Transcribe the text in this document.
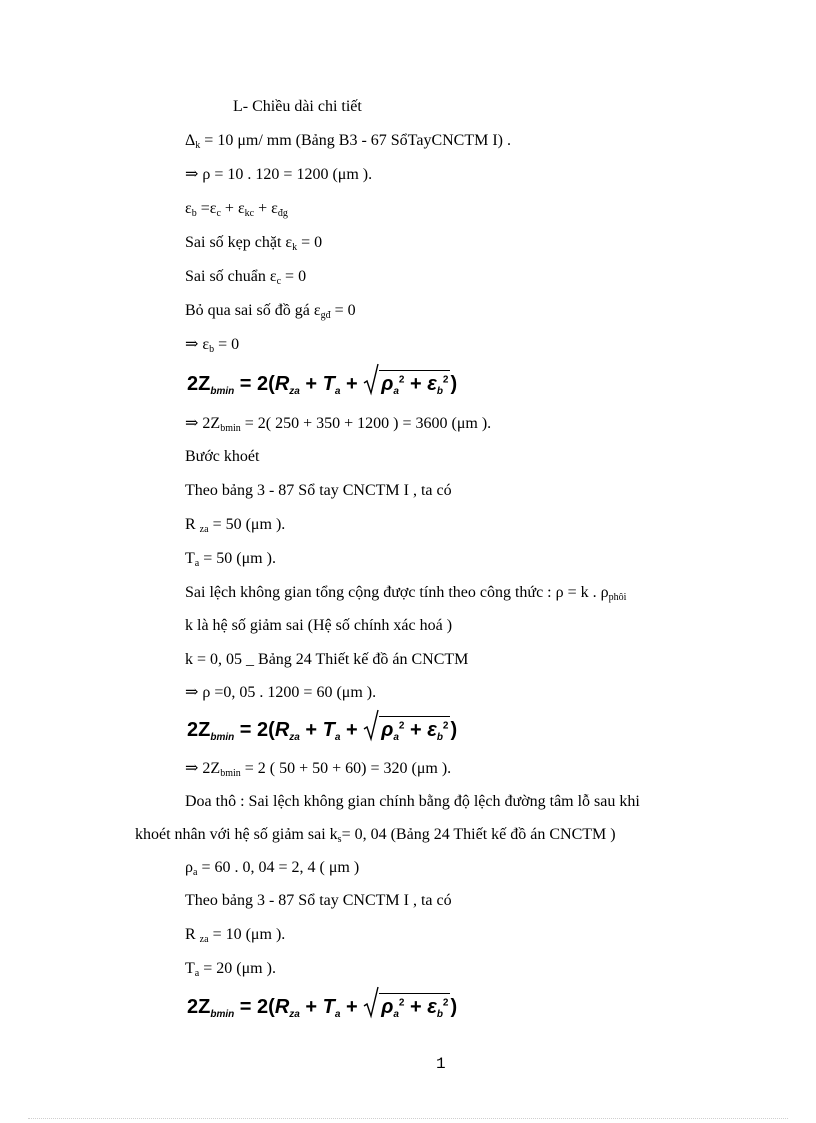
L- Chiều dài chi tiết
$\Delta_k = 10$ μm/ mm (Bảng B3 - 67 SổTayCNCTM I) .
⇒ ρ = 10 . 120 = 1200 (μm ).
$\varepsilon_b =\varepsilon_c + \varepsilon_{kc} + \varepsilon_{đg}$
Sai số kẹp chặt $\varepsilon_k = 0$
Sai số chuẩn $\varepsilon_c = 0$
Bỏ qua sai số đồ gá $\varepsilon_{gđ} = 0$
⇒ $\varepsilon_b = 0$
$2Z_{bmin} = 2(R_{za} + T_a$ +
$\rho_a^2 + \varepsilon_b^2$ )
⇒ $2Z_{bmin} = 2$( 250 + 350 + 1200 ) = 3600 (μm ).
Bước khoét
Theo bảng 3 - 87 Sổ tay CNCTM I , ta có
R $_{za}$ = 50 (μm ).
$T_a = 50$ (μm ).
Sai lệch không gian tổng cộng được tính theo công thức : ρ = k . $\rho_{phôi}$
k là hệ số giảm sai (Hệ số chính xác hoá )
k = 0, 05 _ Bảng 24 Thiết kế đồ án CNCTM
⇒ ρ =0, 05 . 1200 = 60 (μm ).
$2Z_{bmin} = 2(R_{za} + T_a$ +
$\rho_a^2 + \varepsilon_b^2$ )
⇒ $2Z_{bmin} = 2$ ( 50 + 50 + 60) = 320 (μm ).
Doa thô : Sai lệch không gian chính bằng độ lệch đường tâm lỗ sau khi
khoét nhân với hệ số giảm sai $k_s= 0$, 04 (Bảng 24 Thiết kế đồ án CNCTM )
$\rho_a = 60$ . 0, 04 = 2, 4 ( μm )
Theo bảng 3 - 87 Sổ tay CNCTM I , ta có
R $_{za}$ = 10 (μm ).
$T_a = 20$ (μm ).
$2Z_{bmin} = 2(R_{za} + T_a$ +
$\rho_a^2 + \varepsilon_b^2$ )
1
